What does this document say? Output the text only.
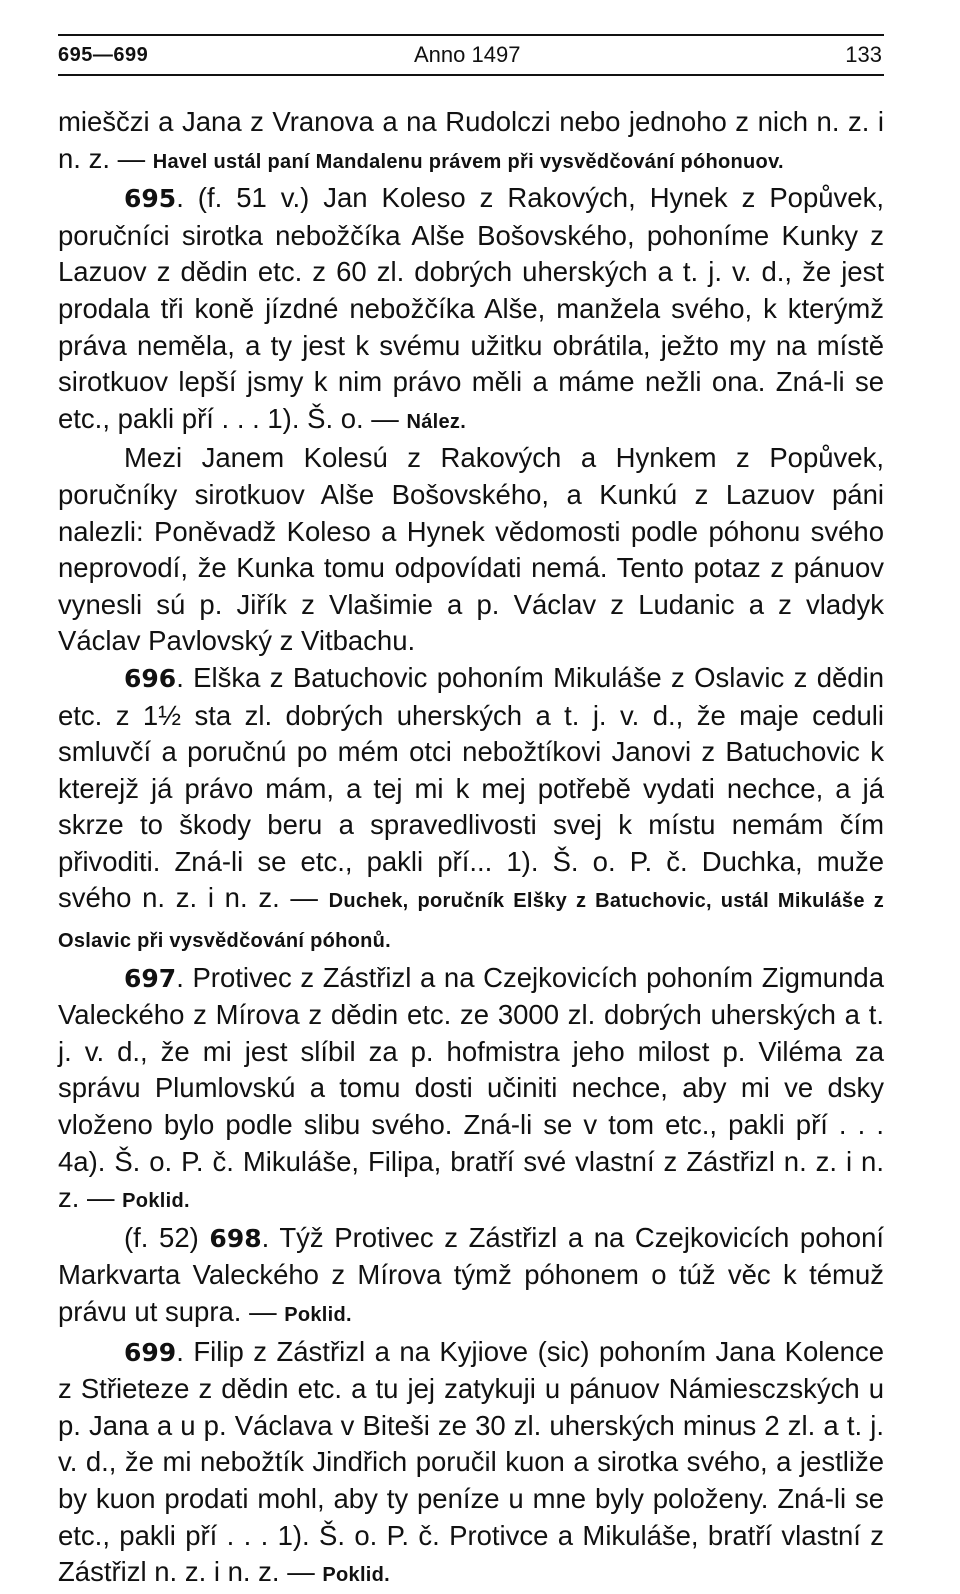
695—699	Anno 1497	133

mieščzi a Jana z Vranova a na Rudolczi nebo jednoho z nich n. z. i n. z. — Havel ustál paní Mandalenu právem při vysvědčování póhonuov.

695. (f. 51 v.) Jan Koleso z Rakových, Hynek z Popůvek, poručníci sirotka nebožčíka Alše Bošovského, pohoníme Kunky z Lazuov z dědin etc. z 60 zl. dobrých uherských a t. j. v. d., že jest prodala tři koně jízdné nebožčíka Alše, manžela svého, k kterýmž práva neměla, a ty jest k svému užitku obrátila, ježto my na místě sirotkuov lepší jsmy k nim právo měli a máme nežli ona. Zná-li se etc., pakli pří . . . 1). Š. o. — Nález.

Mezi Janem Kolesú z Rakových a Hynkem z Popůvek, poručníky sirotkuov Alše Bošovského, a Kunkú z Lazuov páni nalezli: Poněvadž Koleso a Hynek vědomosti podle póhonu svého neprovodí, že Kunka tomu odpovídati nemá. Tento potaz z pánuov vynesli sú p. Jiřík z Vlašimie a p. Václav z Ludanic a z vladyk Václav Pavlovský z Vitbachu.

696. Elška z Batuchovic pohoním Mikuláše z Oslavic z dědin etc. z 1½ sta zl. dobrých uherských a t. j. v. d., že maje ceduli smluvčí a poručnú po mém otci nebožtíkovi Janovi z Batuchovic k kterejž já právo mám, a tej mi k mej potřebě vydati nechce, a já skrze to škody beru a spravedlivosti svej k místu nemám čím přivoditi. Zná-li se etc., pakli pří... 1). Š. o. P. č. Duchka, muže svého n. z. i n. z. — Duchek, poručník Elšky z Batuchovic, ustál Mikuláše z Oslavic při vysvědčování póhonů.

697. Protivec z Zástřizl a na Czejkovicích pohoním Zigmunda Valeckého z Mírova z dědin etc. ze 3000 zl. dobrých uherských a t. j. v. d., že mi jest slíbil za p. hofmistra jeho milost p. Viléma za správu Plumlovskú a tomu dosti učiniti nechce, aby mi ve dsky vloženo bylo podle slibu svého. Zná-li se v tom etc., pakli pří . . . 4a). Š. o. P. č. Mikuláše, Filipa, bratří své vlastní z Zástřizl n. z. i n. z. — Poklid.

(f. 52) 698. Týž Protivec z Zástřizl a na Czejkovicích pohoní Markvarta Valeckého z Mírova týmž póhonem o túž věc k témuž právu ut supra. — Poklid.

699. Filip z Zástřizl a na Kyjiove (sic) pohoním Jana Kolence z Střieteze z dědin etc. a tu jej zatykuji u pánuov Námiesczských u p. Jana a u p. Václava v Biteši ze 30 zl. uherských minus 2 zl. a t. j. v. d., že mi nebožtík Jindřich poručil kuon a sirotka svého, a jestliže by kuon prodati mohl, aby ty peníze u mne byly položeny. Zná-li se etc., pakli pří . . . 1). Š. o. P. č. Protivce a Mikuláše, bratří vlastní z Zástřizl n. z. i n. z. — Poklid.
